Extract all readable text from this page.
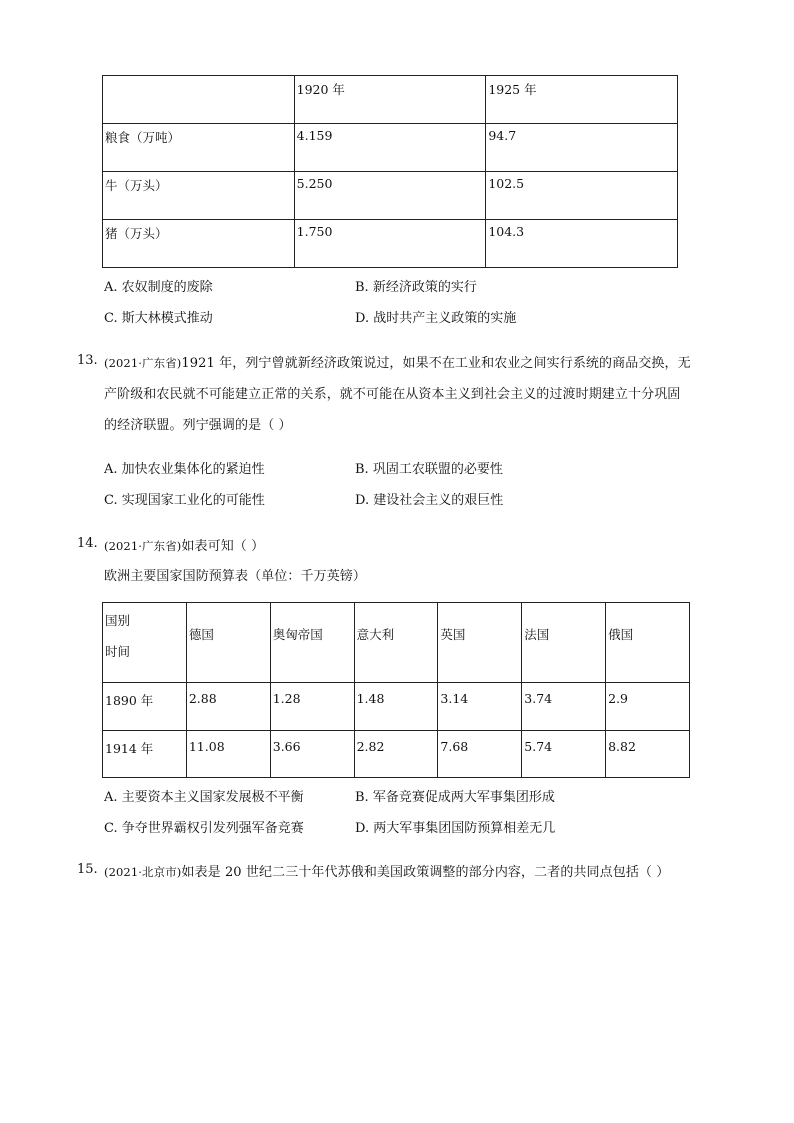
	1920 年	1925 年
粮食（万吨）	4.159	94.7
牛（万头）	5.250	102.5
猪（万头）	1.750	104.3
A. 农奴制度的废除	B. 新经济政策的实行
C. 斯大林模式推动	D. 战时共产主义政策的实施
13. (2021·广东省)1921 年，列宁曾就新经济政策说过，如果不在工业和农业之间实行系统的商品交换，无
产阶级和农民就不可能建立正常的关系，就不可能在从资本主义到社会主义的过渡时期建立十分巩固
的经济联盟。列宁强调的是（ ）
A. 加快农业集体化的紧迫性	B. 巩固工农联盟的必要性
C. 实现国家工业化的可能性	D. 建设社会主义的艰巨性
14. (2021·广东省)如表可知（ ）
欧洲主要国家国防预算表（单位：千万英镑）
国别
时间	德国	奥匈帝国	意大利	英国	法国	俄国
1890 年	2.88	1.28	1.48	3.14	3.74	2.9
1914 年	11.08	3.66	2.82	7.68	5.74	8.82
A. 主要资本主义国家发展极不平衡	B. 军备竞赛促成两大军事集团形成
C. 争夺世界霸权引发列强军备竞赛	D. 两大军事集团国防预算相差无几
15. (2021·北京市)如表是 20 世纪二三十年代苏俄和美国政策调整的部分内容，二者的共同点包括（ ）
